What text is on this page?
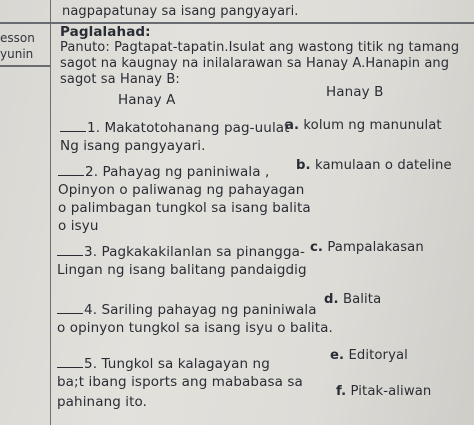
esson
yunin
nagpapatunay sa isang pangyayari.
Paglalahad:
Panuto: Pagtapat-tapatin.Isulat ang wastong titik ng tamang
sagot na kaugnay na inilalarawan sa Hanay A.Hanapin ang
sagot sa Hanay B:
Hanay A	Hanay B
1. Makatotohanang pag-uulat
Ng isang pangyayari.
2. Pahayag ng paniniwala ,
Opinyon o paliwanag ng pahayagan
o palimbagan tungkol sa isang balita
o isyu
3. Pagkakakilanlan sa pinangga-
Lingan ng isang balitang pandaigdig
4. Sariling pahayag ng paniniwala
o opinyon tungkol sa isang isyu o balita.
5. Tungkol sa kalagayan ng
ba;t ibang isports ang mababasa sa
pahinang ito.
a. kolum ng manunulat
b. kamulaan o dateline
c. Pampalakasan
d. Balita
e. Editoryal
f. Pitak-aliwan
